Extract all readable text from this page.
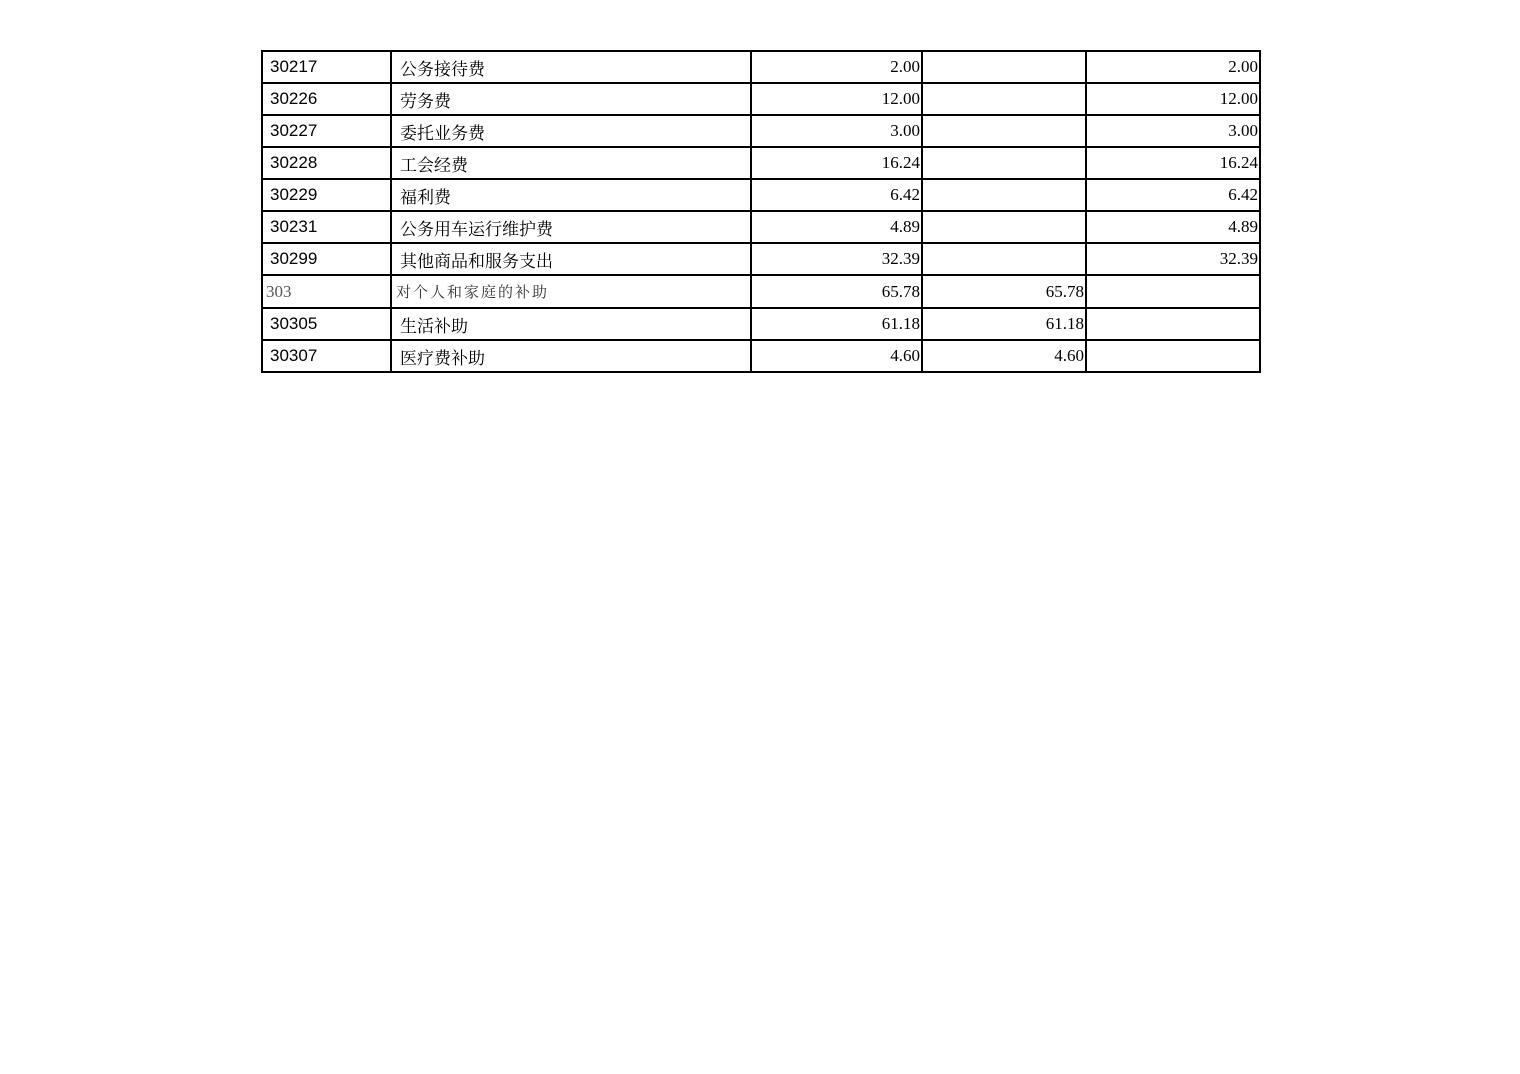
30217	公务接待费	2.00		2.00
30226	劳务费	12.00		12.00
30227	委托业务费	3.00		3.00
30228	工会经费	16.24		16.24
30229	福利费	6.42		6.42
30231	公务用车运行维护费	4.89		4.89
30299	其他商品和服务支出	32.39		32.39
303	对个人和家庭的补助	65.78	65.78	
30305	生活补助	61.18	61.18	
30307	医疗费补助	4.60	4.60	
